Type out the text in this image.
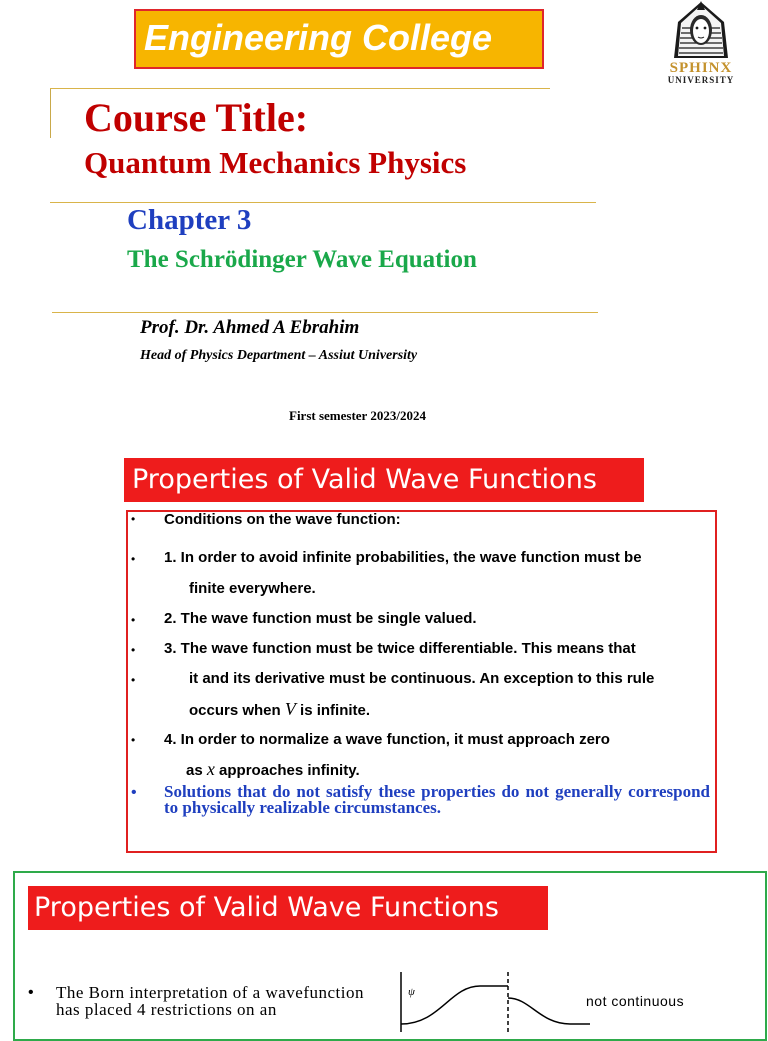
Engineering College
SPHINX
UNIVERSITY
Course Title:
Quantum Mechanics Physics
Chapter 3
The Schrödinger Wave Equation
Prof. Dr. Ahmed A Ebrahim
Head of Physics Department – Assiut University
First semester 2023/2024
Properties of Valid Wave Functions
• Conditions on the wave function:
• 1. In order to avoid infinite probabilities, the wave function must be
finite everywhere.
• 2. The wave function must be single valued.
• 3. The wave function must be twice differentiable. This means that
•	it and its derivative must be continuous. An exception to this rule
occurs when V is infinite.
• 4. In order to normalize a wave function, it must approach zero
as x approaches infinity.
• Solutions that do not satisfy these properties do not generally correspond to physically realizable circumstances.
Properties of Valid Wave Functions
• The Born interpretation of a wavefunction has placed 4 restrictions on an
ψ
not continuous
